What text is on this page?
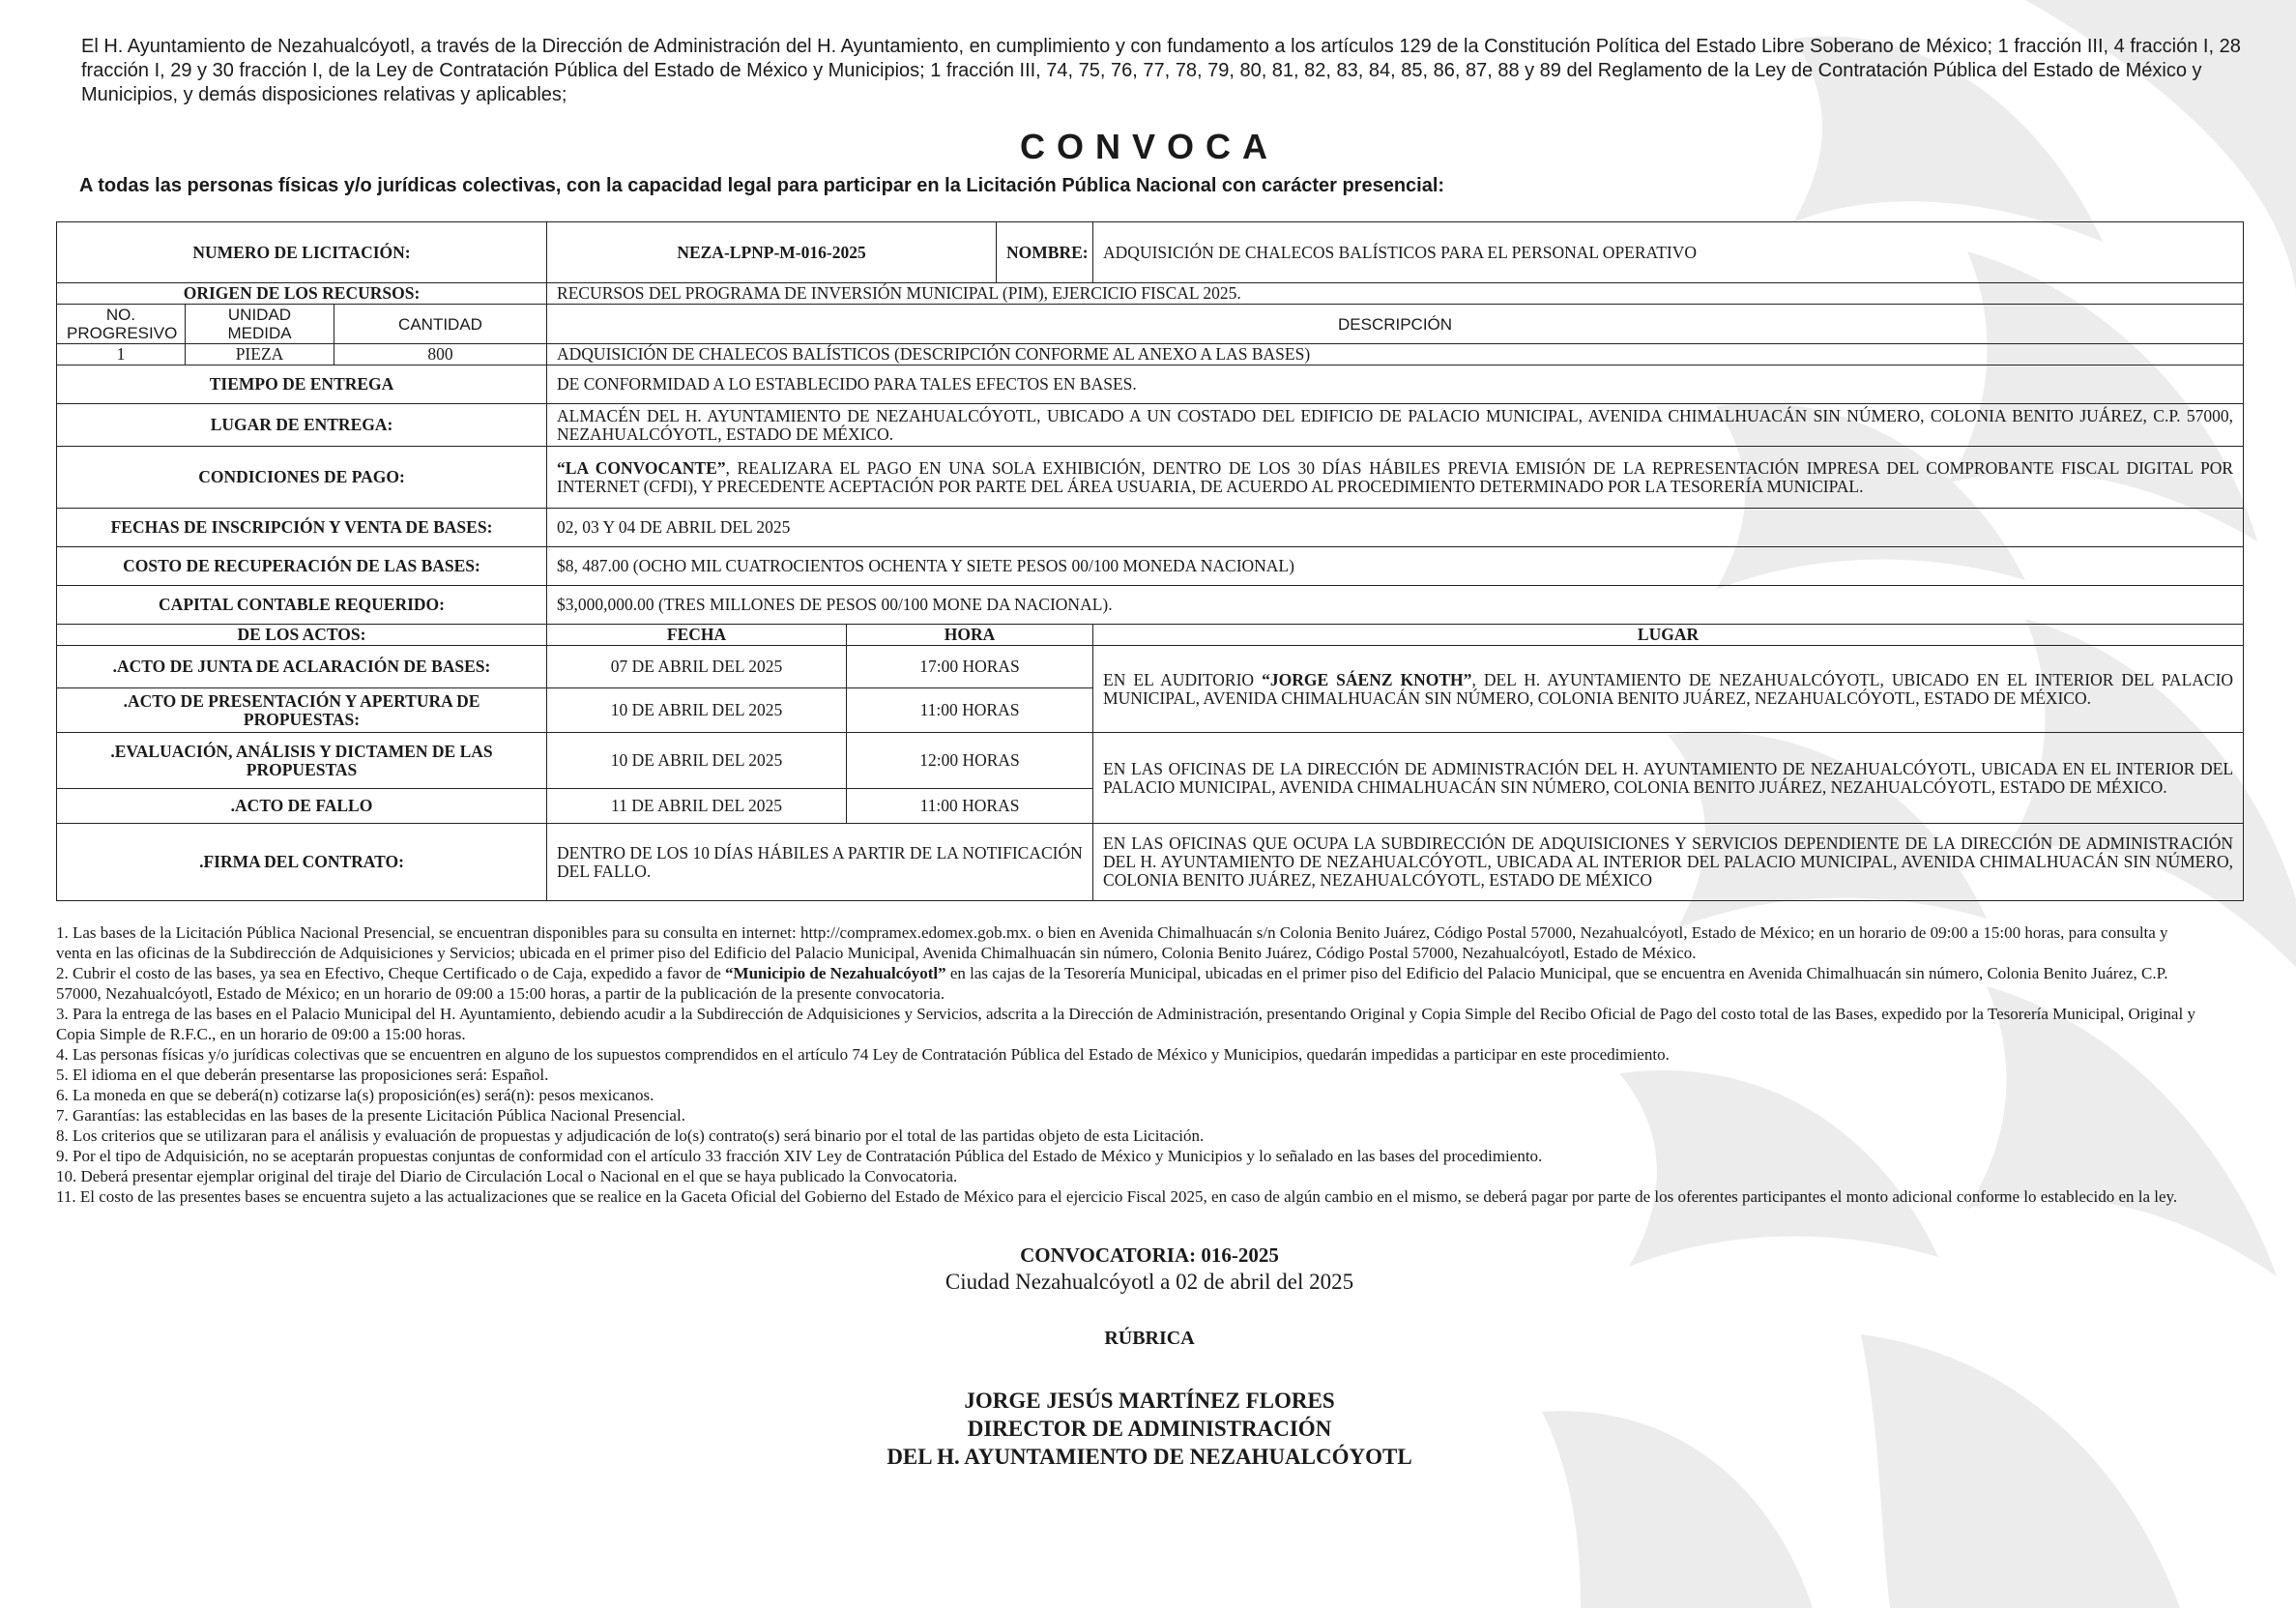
El H. Ayuntamiento de Nezahualcóyotl, a través de la Dirección de Administración del H. Ayuntamiento, en cumplimiento y con fundamento a los artículos 129 de la Constitución Política del Estado Libre Soberano de México; 1 fracción III, 4 fracción I, 28 fracción I, 29 y 30 fracción I, de la Ley de Contratación Pública del Estado de México y Municipios; 1 fracción III, 74, 75, 76, 77, 78, 79, 80, 81, 82, 83, 84, 85, 86, 87, 88 y 89 del Reglamento de la Ley de Contratación Pública del Estado de México y Municipios, y demás disposiciones relativas y aplicables;

CONVOCA
A todas las personas físicas y/o jurídicas colectivas, con la capacidad legal para participar en la Licitación Pública Nacional con carácter presencial:
NUMERO DE LICITACIÓN:			NEZA-LPNP-M-016-2025		NOMBRE:	ADQUISICIÓN DE CHALECOS BALÍSTICOS PARA EL PERSONAL OPERATIVO
ORIGEN DE LOS RECURSOS:			RECURSOS DEL PROGRAMA DE INVERSIÓN MUNICIPAL (PIM), EJERCICIO FISCAL 2025.			
NO. PROGRESIVO	UNIDAD MEDIDA	CANTIDAD	DESCRIPCIÓN			
1	PIEZA	800	ADQUISICIÓN DE CHALECOS BALÍSTICOS (DESCRIPCIÓN CONFORME AL ANEXO A LAS BASES)			
TIEMPO DE ENTREGA			DE CONFORMIDAD A LO ESTABLECIDO PARA TALES EFECTOS EN BASES.			
LUGAR DE ENTREGA:			ALMACÉN DEL H. AYUNTAMIENTO DE NEZAHUALCÓYOTL, UBICADO A UN COSTADO DEL EDIFICIO DE PALACIO MUNICIPAL, AVENIDA CHIMALHUACÁN SIN NÚMERO, COLONIA BENITO JUÁREZ, C.P. 57000, NEZAHUALCÓYOTL, ESTADO DE MÉXICO.			
CONDICIONES DE PAGO:			“LA CONVOCANTE”, REALIZARA EL PAGO EN UNA SOLA EXHIBICIÓN, DENTRO DE LOS 30 DÍAS HÁBILES PREVIA EMISIÓN DE LA REPRESENTACIÓN IMPRESA DEL COMPROBANTE FISCAL DIGITAL POR INTERNET (CFDI), Y PRECEDENTE ACEPTACIÓN POR PARTE DEL ÁREA USUARIA, DE ACUERDO AL PROCEDIMIENTO DETERMINADO POR LA TESORERÍA MUNICIPAL.			
FECHAS DE INSCRIPCIÓN Y VENTA DE BASES:			02, 03 Y 04 DE ABRIL DEL 2025			
COSTO DE RECUPERACIÓN DE LAS BASES:			$8, 487.00 (OCHO MIL CUATROCIENTOS OCHENTA Y SIETE PESOS 00/100 MONEDA NACIONAL)			
CAPITAL CONTABLE REQUERIDO:			$3,000,000.00 (TRES MILLONES DE PESOS 00/100 MONE DA NACIONAL).			
DE LOS ACTOS:			FECHA	HORA		LUGAR
.ACTO DE JUNTA DE ACLARACIÓN DE BASES:			07 DE ABRIL DEL 2025	17:00 HORAS		EN EL AUDITORIO “JORGE SÁENZ KNOTH”, DEL H. AYUNTAMIENTO DE NEZAHUALCÓYOTL, UBICADO EN EL INTERIOR DEL PALACIO MUNICIPAL, AVENIDA CHIMALHUACÁN SIN NÚMERO, COLONIA BENITO JUÁREZ, NEZAHUALCÓYOTL, ESTADO DE MÉXICO.
.ACTO DE PRESENTACIÓN Y APERTURA DE PROPUESTAS:			10 DE ABRIL DEL 2025	11:00 HORAS		
.EVALUACIÓN, ANÁLISIS Y DICTAMEN DE LAS PROPUESTAS			10 DE ABRIL DEL 2025	12:00 HORAS		EN LAS OFICINAS DE LA DIRECCIÓN DE ADMINISTRACIÓN DEL H. AYUNTAMIENTO DE NEZAHUALCÓYOTL, UBICADA EN EL INTERIOR DEL PALACIO MUNICIPAL, AVENIDA CHIMALHUACÁN SIN NÚMERO, COLONIA BENITO JUÁREZ, NEZAHUALCÓYOTL, ESTADO DE MÉXICO.
.ACTO DE FALLO			11 DE ABRIL DEL 2025	11:00 HORAS		
.FIRMA DEL CONTRATO:			DENTRO DE LOS 10 DÍAS HÁBILES A PARTIR DE LA NOTIFICACIÓN DEL FALLO.			EN LAS OFICINAS QUE OCUPA LA SUBDIRECCIÓN DE ADQUISICIONES Y SERVICIOS DEPENDIENTE DE LA DIRECCIÓN DE ADMINISTRACIÓN DEL H. AYUNTAMIENTO DE NEZAHUALCÓYOTL, UBICADA AL INTERIOR DEL PALACIO MUNICIPAL, AVENIDA CHIMALHUACÁN SIN NÚMERO, COLONIA BENITO JUÁREZ, NEZAHUALCÓYOTL, ESTADO DE MÉXICO
1. Las bases de la Licitación Pública Nacional Presencial, se encuentran disponibles para su consulta en internet: http://compramex.edomex.gob.mx. o bien en Avenida Chimalhuacán s/n Colonia Benito Juárez, Código Postal 57000, Nezahualcóyotl, Estado de México; en un horario de 09:00 a 15:00 horas, para consulta y venta en las oficinas de la Subdirección de Adquisiciones y Servicios; ubicada en el primer piso del Edificio del Palacio Municipal, Avenida Chimalhuacán sin número, Colonia Benito Juárez, Código Postal 57000, Nezahualcóyotl, Estado de México.
2. Cubrir el costo de las bases, ya sea en Efectivo, Cheque Certificado o de Caja, expedido a favor de “Municipio de Nezahualcóyotl” en las cajas de la Tesorería Municipal, ubicadas en el primer piso del Edificio del Palacio Municipal, que se encuentra en Avenida Chimalhuacán sin número, Colonia Benito Juárez, C.P. 57000, Nezahualcóyotl, Estado de México; en un horario de 09:00 a 15:00 horas, a partir de la publicación de la presente convocatoria.
3. Para la entrega de las bases en el Palacio Municipal del H. Ayuntamiento, debiendo acudir a la Subdirección de Adquisiciones y Servicios, adscrita a la Dirección de Administración, presentando Original y Copia Simple del Recibo Oficial de Pago del costo total de las Bases, expedido por la Tesorería Municipal, Original y Copia Simple de R.F.C., en un horario de 09:00 a 15:00 horas.
4. Las personas físicas y/o jurídicas colectivas que se encuentren en alguno de los supuestos comprendidos en el artículo 74 Ley de Contratación Pública del Estado de México y Municipios, quedarán impedidas a participar en este procedimiento.
5. El idioma en el que deberán presentarse las proposiciones será: Español.
6. La moneda en que se deberá(n) cotizarse la(s) proposición(es) será(n): pesos mexicanos.
7. Garantías: las establecidas en las bases de la presente Licitación Pública Nacional Presencial.
8. Los criterios que se utilizaran para el análisis y evaluación de propuestas y adjudicación de lo(s) contrato(s) será binario por el total de las partidas objeto de esta Licitación.
9. Por el tipo de Adquisición, no se aceptarán propuestas conjuntas de conformidad con el artículo 33 fracción XIV Ley de Contratación Pública del Estado de México y Municipios y lo señalado en las bases del procedimiento.
10. Deberá presentar ejemplar original del tiraje del Diario de Circulación Local o Nacional en el que se haya publicado la Convocatoria.
11. El costo de las presentes bases se encuentra sujeto a las actualizaciones que se realice en la Gaceta Oficial del Gobierno del Estado de México para el ejercicio Fiscal 2025, en caso de algún cambio en el mismo, se deberá pagar por parte de los oferentes participantes el monto adicional conforme lo establecido en la ley.
CONVOCATORIA: 016-2025
Ciudad Nezahualcóyotl a 02 de abril del 2025
RÚBRICA
JORGE JESÚS MARTÍNEZ FLORES
DIRECTOR DE ADMINISTRACIÓN
DEL H. AYUNTAMIENTO DE NEZAHUALCÓYOTL
